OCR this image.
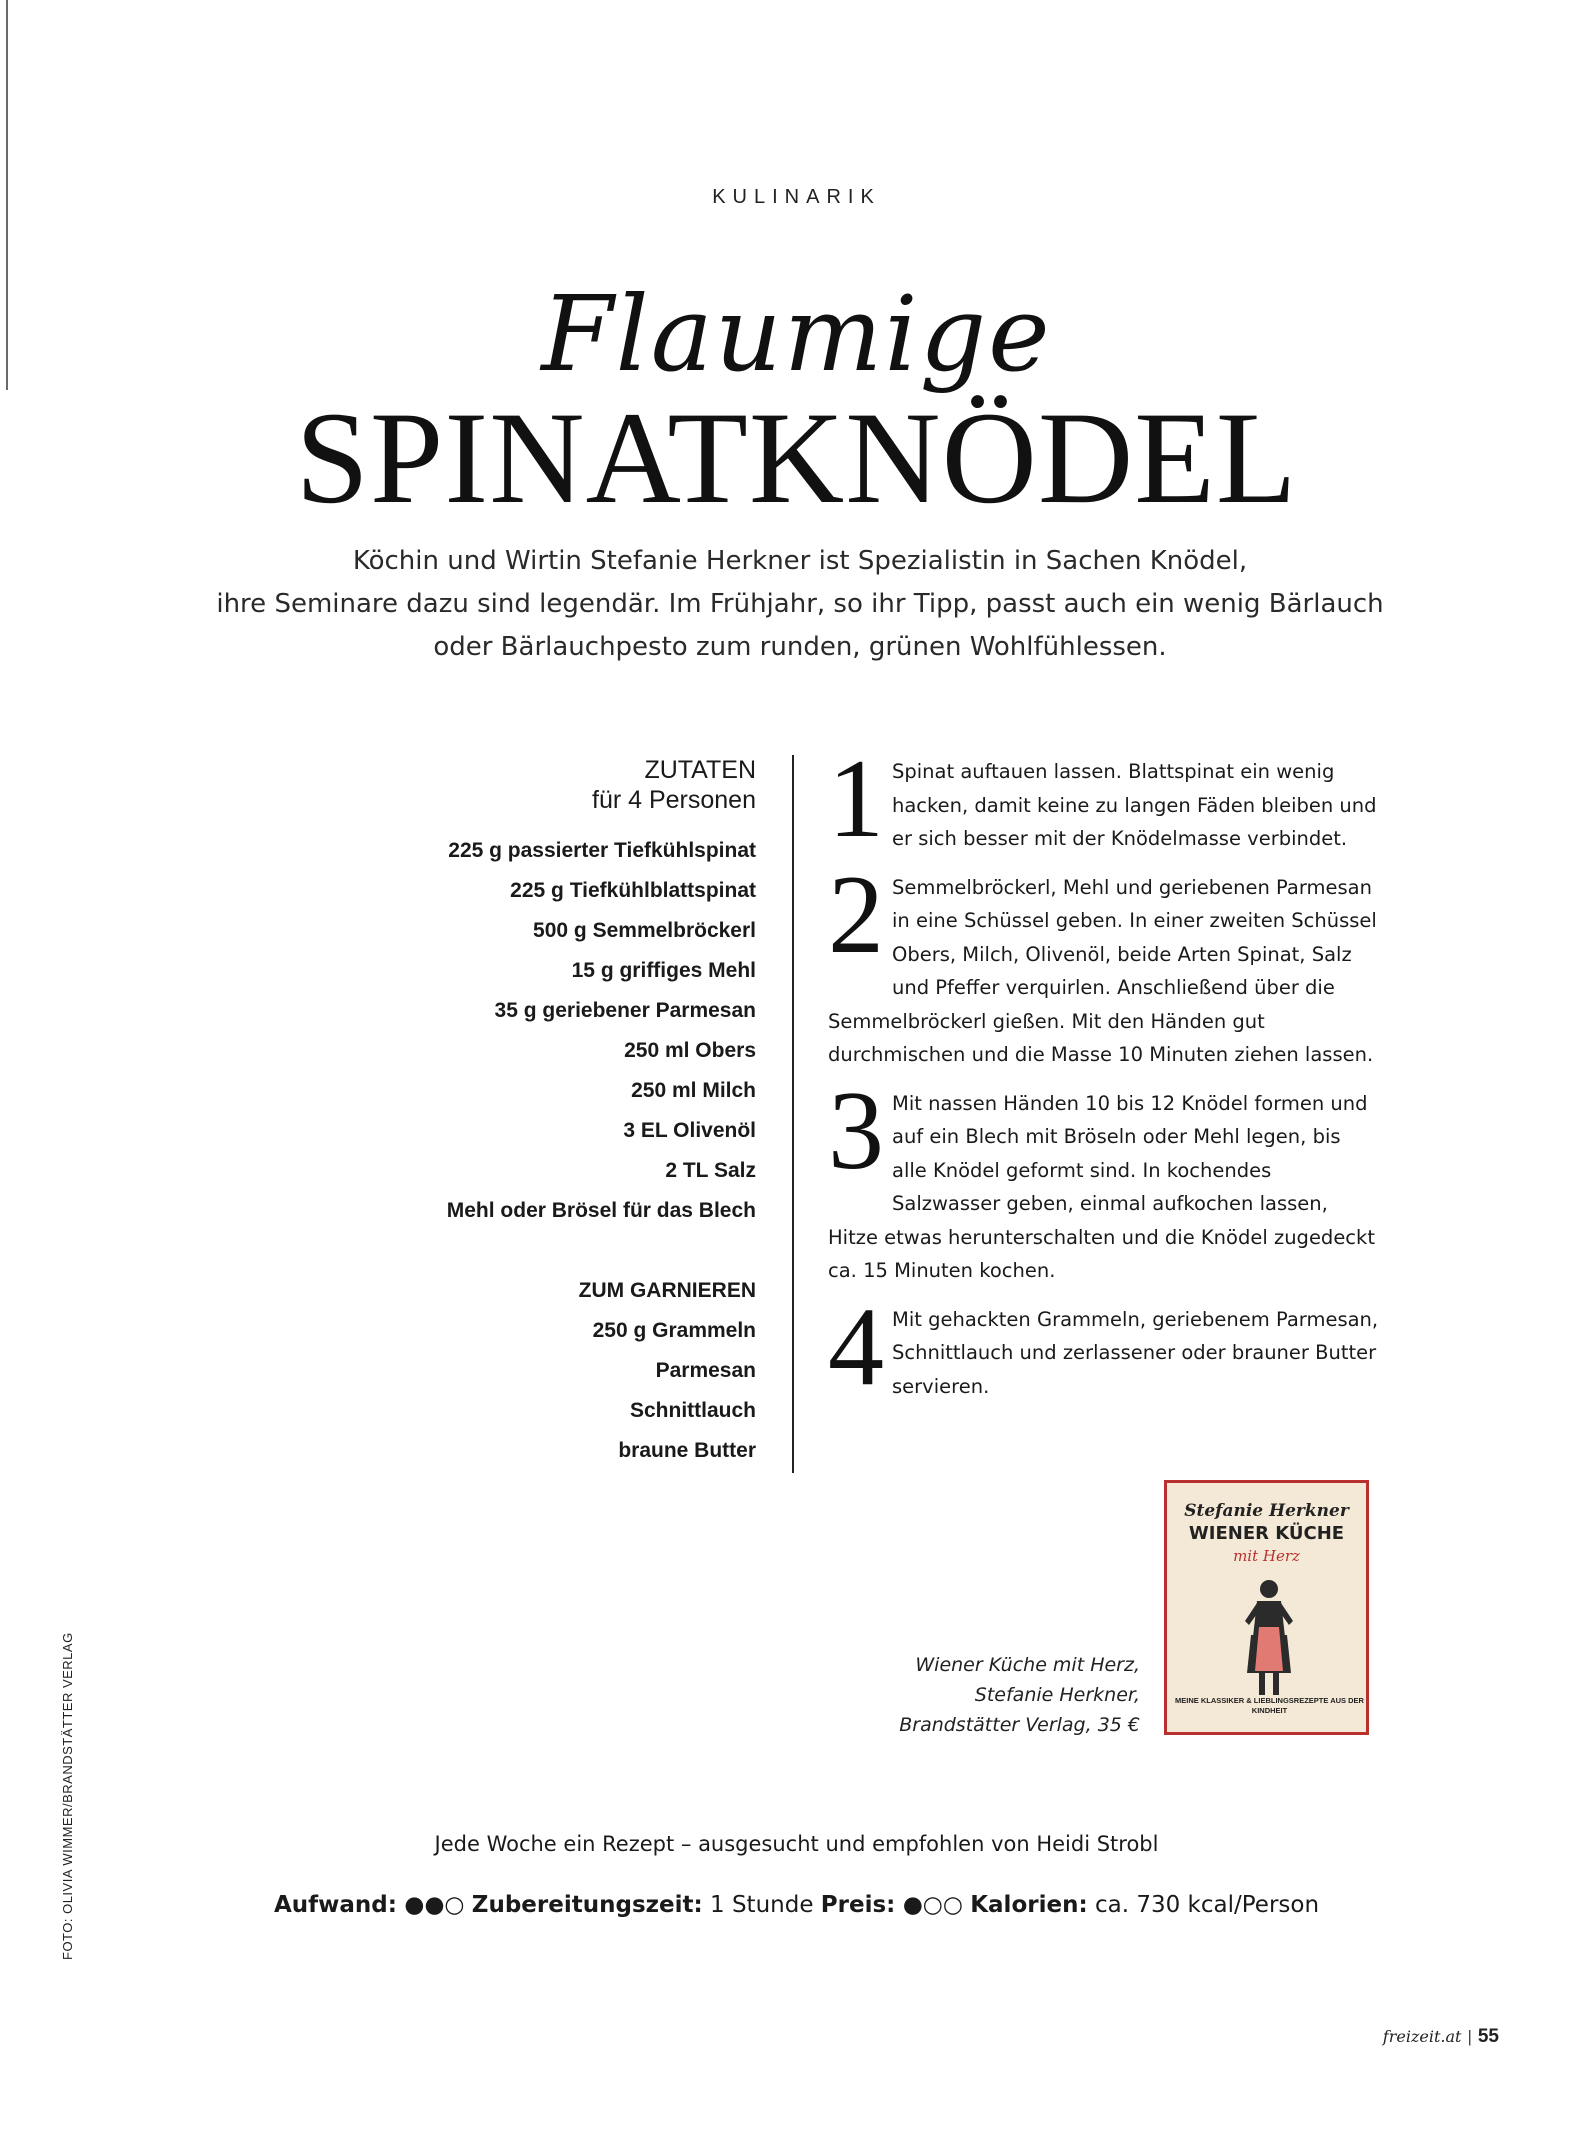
KULINARIK
Flaumige
SPINATKNÖDEL
Köchin und Wirtin Stefanie Herkner ist Spezialistin in Sachen Knödel,
ihre Seminare dazu sind legendär. Im Frühjahr, so ihr Tipp, passt auch ein wenig Bärlauch
oder Bärlauchpesto zum runden, grünen Wohlfühlessen.
ZUTATEN
für 4 Personen
225 g passierter Tiefkühlspinat
225 g Tiefkühlblattspinat
500 g Semmelbröckerl
15 g griffiges Mehl
35 g geriebener Parmesan
250 ml Obers
250 ml Milch
3 EL Olivenöl
2 TL Salz
Mehl oder Brösel für das Blech
ZUM GARNIEREN
250 g Grammeln
Parmesan
Schnittlauch
braune Butter
1 Spinat auftauen lassen. Blattspinat ein wenig hacken, damit keine zu langen Fäden bleiben und er sich besser mit der Knödelmasse verbindet.
2 Semmelbröckerl, Mehl und geriebenen Parmesan in eine Schüssel geben. In einer zweiten Schüssel Obers, Milch, Olivenöl, beide Arten Spinat, Salz und Pfeffer verquirlen. Anschließend über die Semmelbröckerl gießen. Mit den Händen gut durchmischen und die Masse 10 Minuten ziehen lassen.
3 Mit nassen Händen 10 bis 12 Knödel formen und auf ein Blech mit Bröseln oder Mehl legen, bis alle Knödel geformt sind. In kochendes Salzwasser geben, einmal aufkochen lassen, Hitze etwas herunterschalten und die Knödel zugedeckt ca. 15 Minuten kochen.
4 Mit gehackten Grammeln, geriebenem Parmesan, Schnittlauch und zerlassener oder brauner Butter servieren.
Stefanie Herkner
WIENER KÜCHE
mit Herz
MEINE KLASSIKER & LIEBLINGSREZEPTE AUS DER KINDHEIT
Wiener Küche mit Herz,
Stefanie Herkner,
Brandstätter Verlag, 35 €
Jede Woche ein Rezept – ausgesucht und empfohlen von Heidi Strobl
Aufwand: ●●○ Zubereitungszeit: 1 Stunde Preis: ●○○ Kalorien: ca. 730 kcal/Person
FOTO: OLIVIA WIMMER/BRANDSTÄTTER VERLAG
freizeit.at | 55
